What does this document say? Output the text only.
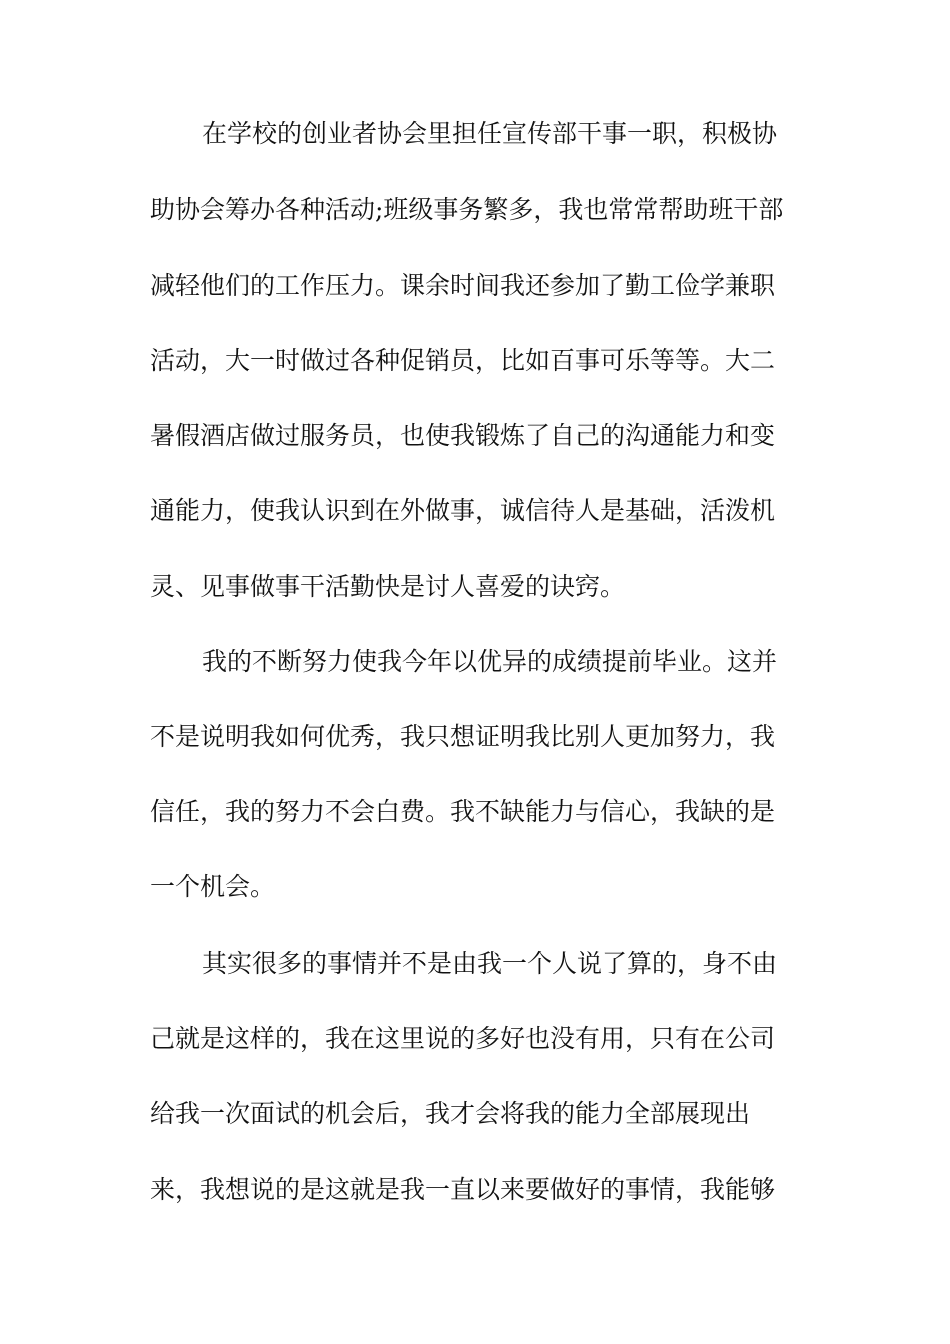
在学校的创业者协会里担任宣传部干事一职，积极协
助协会筹办各种活动;班级事务繁多，我也常常帮助班干部
减轻他们的工作压力。课余时间我还参加了勤工俭学兼职
活动，大一时做过各种促销员，比如百事可乐等等。大二
暑假酒店做过服务员，也使我锻炼了自己的沟通能力和变
通能力，使我认识到在外做事，诚信待人是基础，活泼机
灵、见事做事干活勤快是讨人喜爱的诀窍。
我的不断努力使我今年以优异的成绩提前毕业。这并
不是说明我如何优秀，我只想证明我比别人更加努力，我
信任，我的努力不会白费。我不缺能力与信心，我缺的是
一个机会。
其实很多的事情并不是由我一个人说了算的，身不由
己就是这样的，我在这里说的多好也没有用，只有在公司
给我一次面试的机会后，我才会将我的能力全部展现出
来，我想说的是这就是我一直以来要做好的事情，我能够
